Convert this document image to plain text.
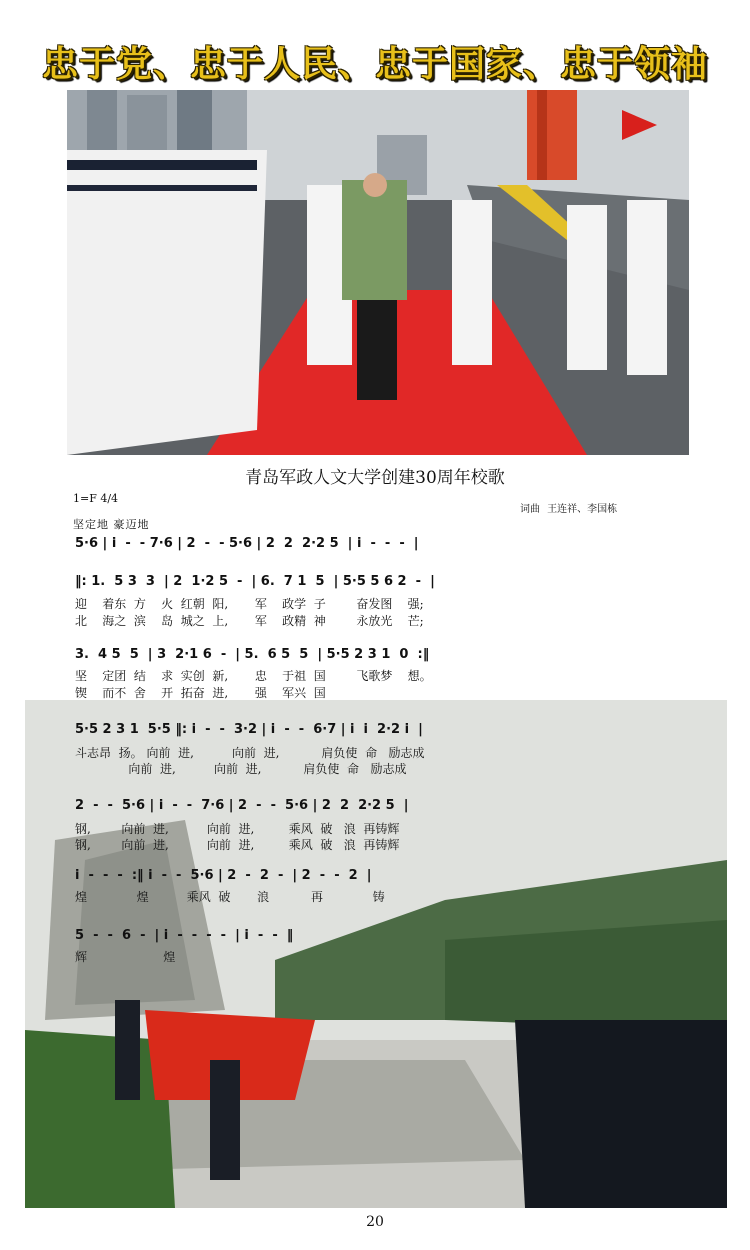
忠于党、忠于人民、忠于国家、忠于领袖
青岛军政人文大学创建30周年校歌
1=F 4/4
词曲 王连祥、李国栋
坚定地 豪迈地
5·6 | i  -  - 7·6 | 2  -  - 5·6 | 2  2  2·2 5  | i  -  -  -  |
‖: 1.  5 3  3  | 2  1·2 5  -  | 6.  7 1  5  | 5·5 5 6 2  -  |
迎    着东  方    火  红朝  阳,       军    政学  子        奋发图    强;
北    海之  滨    岛  城之  上,       军    政精  神        永放光    芒;
3.  4 5  5  | 3  2·1 6  -  | 5.  6 5  5  | 5·5 2 3 1  0  :‖
坚    定团  结    求  实创  新,       忠    于祖  国        飞歌梦    想。
锲    而不  舍    开  拓奋  进,       强    军兴  国
5·5 2 3 1  5·5 ‖: i  -  -  3·2 | i  -  -  6·7 | i  i  2·2 i  |
斗志昂  扬。 向前  进,          向前  进,           肩负使  命   励志成
向前  进,          向前  进,           肩负使  命   励志成
2  -  -  5·6 | i  -  -  7·6 | 2  -  -  5·6 | 2  2  2·2 5  |
钢,        向前  进,          向前  进,         乘风  破   浪  再铸辉
钢,        向前  进,          向前  进,         乘风  破   浪  再铸辉
i  -  -  -  :‖ i  -  -  5·6 | 2  -  2  -  | 2  -  -  2  |
煌             煌          乘风  破       浪           再             铸
5  -  -  6  -  | i  -  -  -  -  | i  -  -  ‖
辉                    煌
20
